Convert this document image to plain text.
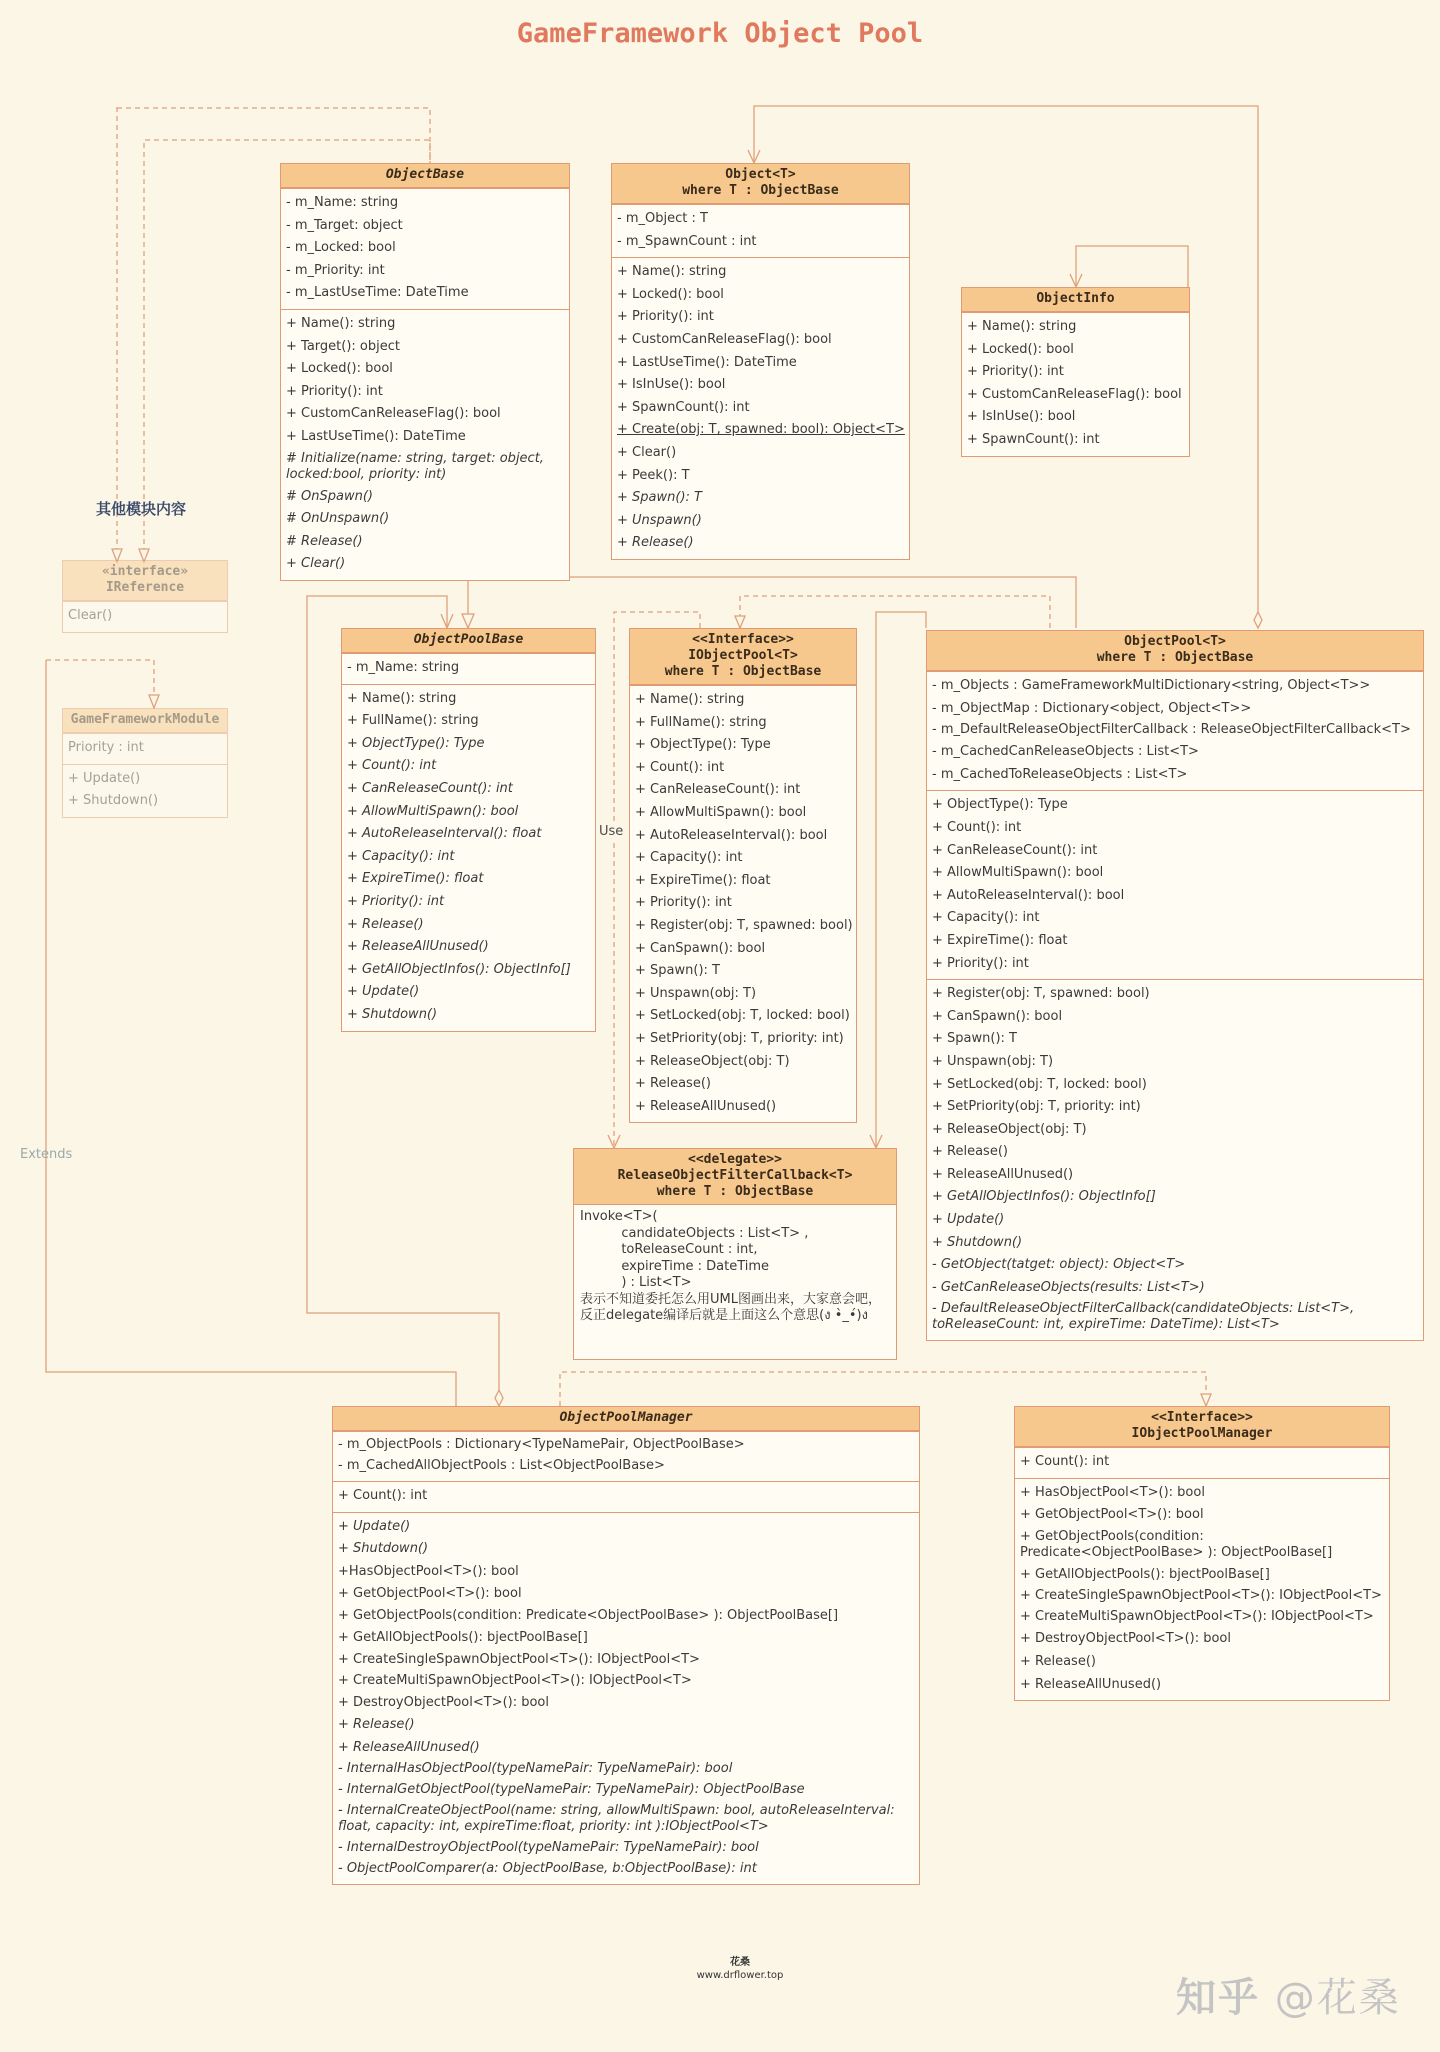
GameFramework Object Pool
其他模块内容
Use
Extends
ObjectBase
- m_Name: string
- m_Target: object
- m_Locked: bool
- m_Priority: int
- m_LastUseTime: DateTime
+ Name(): string
+ Target(): object
+ Locked(): bool
+ Priority(): int
+ CustomCanReleaseFlag(): bool
+ LastUseTime(): DateTime
# Initialize(name: string, target: object, locked:bool, priority: int)
# OnSpawn()
# OnUnspawn()
# Release()
+ Clear()
Object<T>
where T : ObjectBase
- m_Object : T
- m_SpawnCount : int
+ Name(): string
+ Locked(): bool
+ Priority(): int
+ CustomCanReleaseFlag(): bool
+ LastUseTime(): DateTime
+ IsInUse(): bool
+ SpawnCount(): int
+ Create(obj: T, spawned: bool): Object<T>
+ Clear()
+ Peek(): T
+ Spawn(): T
+ Unspawn()
+ Release()
ObjectInfo
+ Name(): string
+ Locked(): bool
+ Priority(): int
+ CustomCanReleaseFlag(): bool
+ IsInUse(): bool
+ SpawnCount(): int
«interface»
IReference
Clear()
GameFrameworkModule
Priority : int
+ Update()
+ Shutdown()
ObjectPoolBase
- m_Name: string
+ Name(): string
+ FullName(): string
+ ObjectType(): Type
+ Count(): int
+ CanReleaseCount(): int
+ AllowMultiSpawn(): bool
+ AutoReleaseInterval(): float
+ Capacity(): int
+ ExpireTime(): float
+ Priority(): int
+ Release()
+ ReleaseAllUnused()
+ GetAllObjectInfos(): ObjectInfo[]
+ Update()
+ Shutdown()
<<Interface>>
IObjectPool<T>
where T : ObjectBase
+ Name(): string
+ FullName(): string
+ ObjectType(): Type
+ Count(): int
+ CanReleaseCount(): int
+ AllowMultiSpawn(): bool
+ AutoReleaseInterval(): bool
+ Capacity(): int
+ ExpireTime(): float
+ Priority(): int
+ Register(obj: T, spawned: bool)
+ CanSpawn(): bool
+ Spawn(): T
+ Unspawn(obj: T)
+ SetLocked(obj: T, locked: bool)
+ SetPriority(obj: T, priority: int)
+ ReleaseObject(obj: T)
+ Release()
+ ReleaseAllUnused()
ObjectPool<T>
where T : ObjectBase
- m_Objects : GameFrameworkMultiDictionary<string, Object<T>>
- m_ObjectMap : Dictionary<object, Object<T>>
- m_DefaultReleaseObjectFilterCallback : ReleaseObjectFilterCallback<T>
- m_CachedCanReleaseObjects : List<T>
- m_CachedToReleaseObjects : List<T>
+ ObjectType(): Type
+ Count(): int
+ CanReleaseCount(): int
+ AllowMultiSpawn(): bool
+ AutoReleaseInterval(): bool
+ Capacity(): int
+ ExpireTime(): float
+ Priority(): int
+ Register(obj: T, spawned: bool)
+ CanSpawn(): bool
+ Spawn(): T
+ Unspawn(obj: T)
+ SetLocked(obj: T, locked: bool)
+ SetPriority(obj: T, priority: int)
+ ReleaseObject(obj: T)
+ Release()
+ ReleaseAllUnused()
+ GetAllObjectInfos(): ObjectInfo[]
+ Update()
+ Shutdown()
- GetObject(tatget: object): Object<T>
- GetCanReleaseObjects(results: List<T>)
- DefaultReleaseObjectFilterCallback(candidateObjects: List<T>, toReleaseCount: int, expireTime: DateTime): List<T>
<<delegate>>
ReleaseObjectFilterCallback<T>
where T : ObjectBase
Invoke<T>(
candidateObjects : List<T> ,
toReleaseCount : int,
expireTime : DateTime
) : List<T>
表示不知道委托怎么用UML图画出来，大家意会吧，反正delegate编译后就是上面这么个意思(ง •̀_•́)ง
ObjectPoolManager
- m_ObjectPools : Dictionary<TypeNamePair, ObjectPoolBase>
- m_CachedAllObjectPools : List<ObjectPoolBase>
+ Count(): int
+ Update()
+ Shutdown()
+HasObjectPool<T>(): bool
+ GetObjectPool<T>(): bool
+ GetObjectPools(condition: Predicate<ObjectPoolBase> ): ObjectPoolBase[]
+ GetAllObjectPools(): bjectPoolBase[]
+ CreateSingleSpawnObjectPool<T>(): IObjectPool<T>
+ CreateMultiSpawnObjectPool<T>(): IObjectPool<T>
+ DestroyObjectPool<T>(): bool
+ Release()
+ ReleaseAllUnused()
- InternalHasObjectPool(typeNamePair: TypeNamePair): bool
- InternalGetObjectPool(typeNamePair: TypeNamePair): ObjectPoolBase
- InternalCreateObjectPool(name: string, allowMultiSpawn: bool, autoReleaseInterval: float, capacity: int, expireTime:float, priority: int ):IObjectPool<T>
- InternalDestroyObjectPool(typeNamePair: TypeNamePair): bool
- ObjectPoolComparer(a: ObjectPoolBase, b:ObjectPoolBase): int
<<Interface>>
IObjectPoolManager
+ Count(): int
+ HasObjectPool<T>(): bool
+ GetObjectPool<T>(): bool
+ GetObjectPools(condition: Predicate<ObjectPoolBase> ): ObjectPoolBase[]
+ GetAllObjectPools(): bjectPoolBase[]
+ CreateSingleSpawnObjectPool<T>(): IObjectPool<T>
+ CreateMultiSpawnObjectPool<T>(): IObjectPool<T>
+ DestroyObjectPool<T>(): bool
+ Release()
+ ReleaseAllUnused()
花桑
www.drflower.top	知乎 @花桑
